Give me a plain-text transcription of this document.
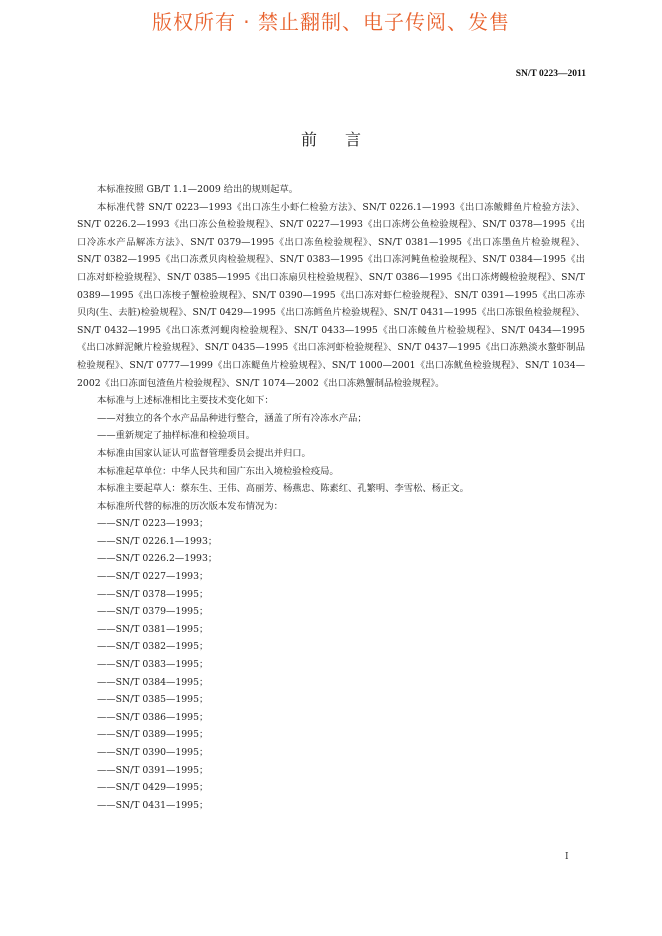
版权所有 · 禁止翻制、电子传阅、发售
SN/T 0223—2011
前言

本标准按照 GB/T 1.1—2009 给出的规则起草。

本标准代替 SN/T 0223—1993《出口冻生小虾仁检验方法》、SN/T 0226.1—1993《出口冻鲅鲱鱼片检验方法》、SN/T 0226.2—1993《出口冻公鱼检验规程》、SN/T 0227—1993《出口冻烤公鱼检验规程》、SN/T 0378—1995《出口冷冻水产品解冻方法》、SN/T 0379—1995《出口冻鱼检验规程》、SN/T 0381—1995《出口冻墨鱼片检验规程》、SN/T 0382—1995《出口冻煮贝肉检验规程》、SN/T 0383—1995《出口冻河鲀鱼检验规程》、SN/T 0384—1995《出口冻对虾检验规程》、SN/T 0385—1995《出口冻扇贝柱检验规程》、SN/T 0386—1995《出口冻烤鳗检验规程》、SN/T 0389—1995《出口冻梭子蟹检验规程》、SN/T 0390—1995《出口冻对虾仁检验规程》、SN/T 0391—1995《出口冻赤贝肉(生、去脏)检验规程》、SN/T 0429—1995《出口冻鳕鱼片检验规程》、SN/T 0431—1995《出口冻银鱼检验规程》、SN/T 0432—1995《出口冻煮河蚬肉检验规程》、SN/T 0433—1995《出口冻鲮鱼片检验规程》、SN/T 0434—1995《出口冰鲜泥鳅片检验规程》、SN/T 0435—1995《出口冻河虾检验规程》、SN/T 0437—1995《出口冻熟淡水螯虾制品检验规程》、SN/T 0777—1999《出口冻鳀鱼片检验规程》、SN/T 1000—2001《出口冻鱿鱼检验规程》、SN/T 1034—2002《出口冻面包渣鱼片检验规程》、SN/T 1074—2002《出口冻熟蟹制品检验规程》。

本标准与上述标准相比主要技术变化如下：

——对独立的各个水产品品种进行整合，涵盖了所有冷冻水产品；

——重新规定了抽样标准和检验项目。

本标准由国家认证认可监督管理委员会提出并归口。

本标准起草单位：中华人民共和国广东出入境检验检疫局。

本标准主要起草人：蔡东生、王伟、高丽芳、杨燕忠、陈素红、孔繁明、李雪松、杨正文。

本标准所代替的标准的历次版本发布情况为：

——SN/T 0223—1993；
——SN/T 0226.1—1993；
——SN/T 0226.2—1993；
——SN/T 0227—1993；
——SN/T 0378—1995；
——SN/T 0379—1995；
——SN/T 0381—1995；
——SN/T 0382—1995；
——SN/T 0383—1995；
——SN/T 0384—1995；
——SN/T 0385—1995；
——SN/T 0386—1995；
——SN/T 0389—1995；
——SN/T 0390—1995；
——SN/T 0391—1995；
——SN/T 0429—1995；
——SN/T 0431—1995；
I
